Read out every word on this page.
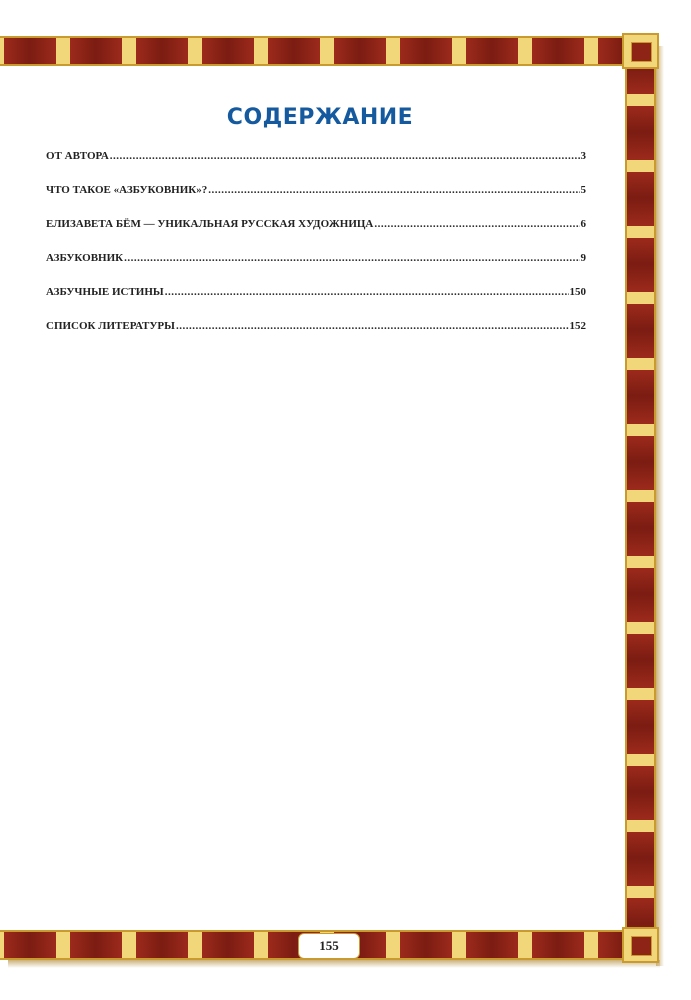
СОДЕРЖАНИЕ
ОТ АВТОРА .....	3
ЧТО ТАКОЕ «АЗБУКОВНИК»? .....	5
ЕЛИЗАВЕТА БЁМ — УНИКАЛЬНАЯ РУССКАЯ ХУДОЖНИЦА .....	6
АЗБУКОВНИК .....	9
АЗБУЧНЫЕ ИСТИНЫ .....	150
СПИСОК ЛИТЕРАТУРЫ .....	152
155
